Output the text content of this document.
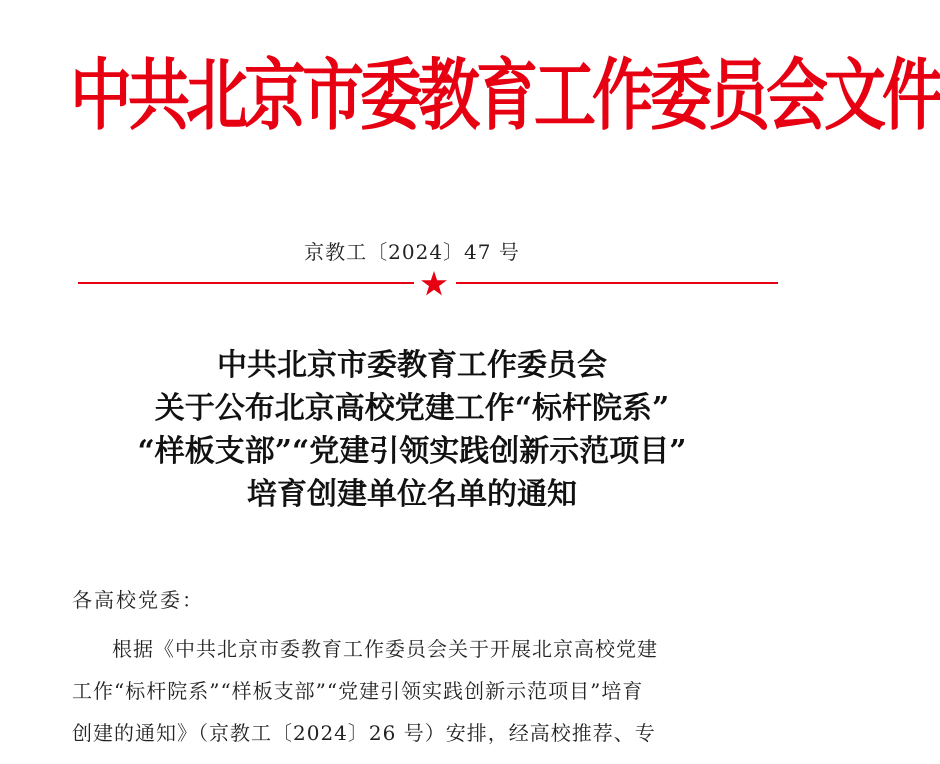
中共北京市委教育工作委员会文件
京教工〔2024〕47 号
中共北京市委教育工作委员会
关于公布北京高校党建工作“标杆院系”
“样板支部”“党建引领实践创新示范项目”
培育创建单位名单的通知
各高校党委：
根据《中共北京市委教育工作委员会关于开展北京高校党建
工作“标杆院系”“样板支部”“党建引领实践创新示范项目”培育
创建的通知》（京教工〔2024〕26 号）安排，经高校推荐、专
